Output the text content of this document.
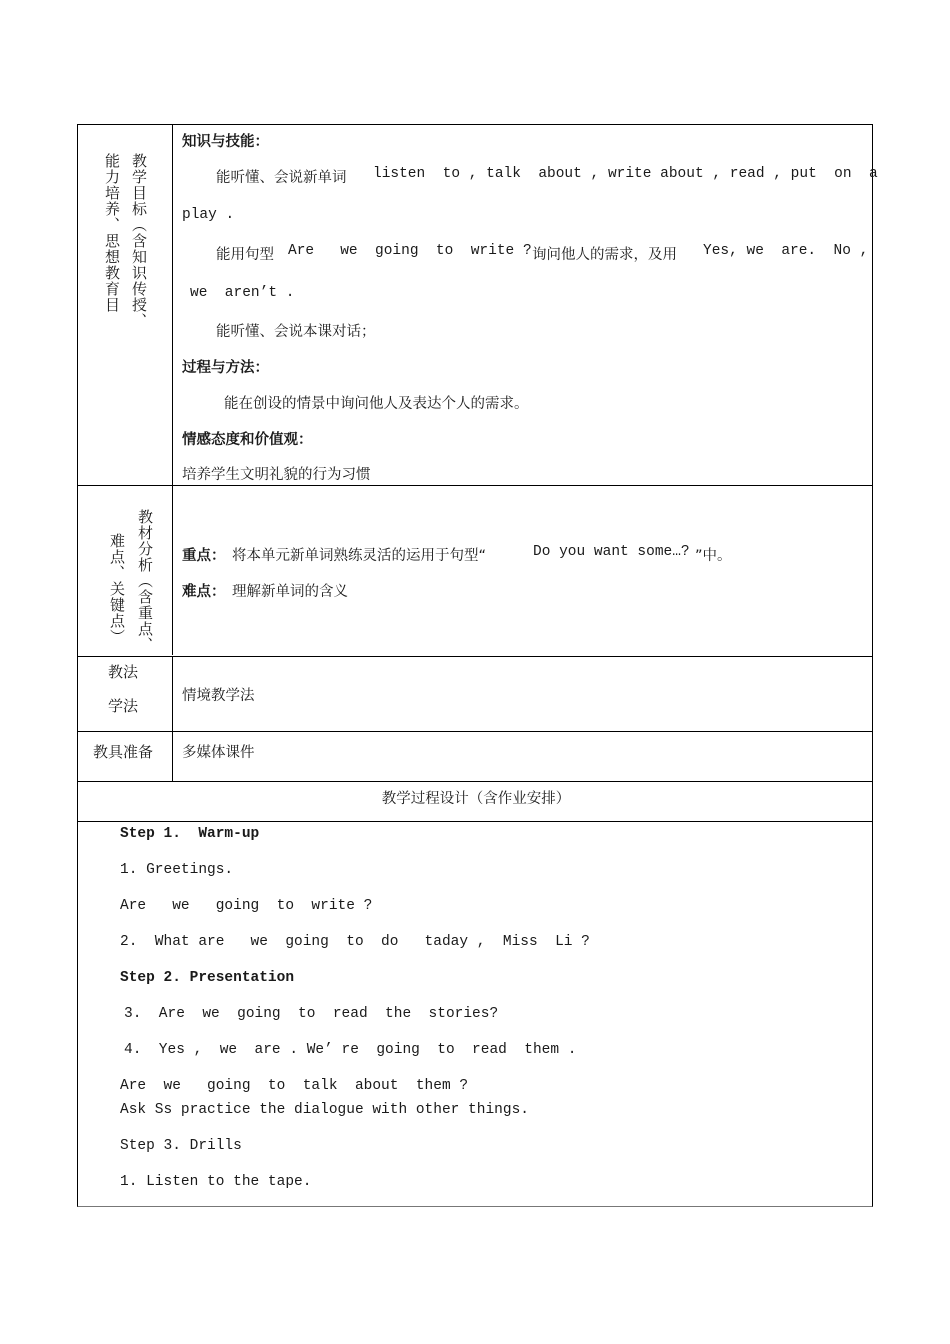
教学目标（含知识传授、
能力培养、思想教育目
知识与技能：
能听懂、会说新单词 listen  to , talk  about , write about , read , put  on  a
play .
能用句型 Are   we  going  to  write ? 询问他人的需求，及用 Yes, we  are.  No ,
we  aren’t .
能听懂、会说本课对话；
过程与方法：
能在创设的情景中询问他人及表达个人的需求。
情感态度和价值观：
培养学生文明礼貌的行为习惯
教材分析（含重点、
难点、关键点）	重点： 将本单元新单词熟练灵活的运用于句型“	Do you want some…? ”中。
难点： 理解新单词的含义
教法
学法
情境教学法
教具准备 多媒体课件
教学过程设计（含作业安排）
Step 1.  Warm-up
1. Greetings.
Are   we   going  to  write ?
2.  What are   we  going  to  do   taday ,  Miss  Li ?
Step 2. Presentation
3.  Are  we  going  to  read  the  stories?
4.  Yes ,  we  are . We’ re  going  to  read  them .
Are  we   going  to  talk  about  them ?
Ask Ss practice the dialogue with other things.
Step 3. Drills
1. Listen to the tape.
